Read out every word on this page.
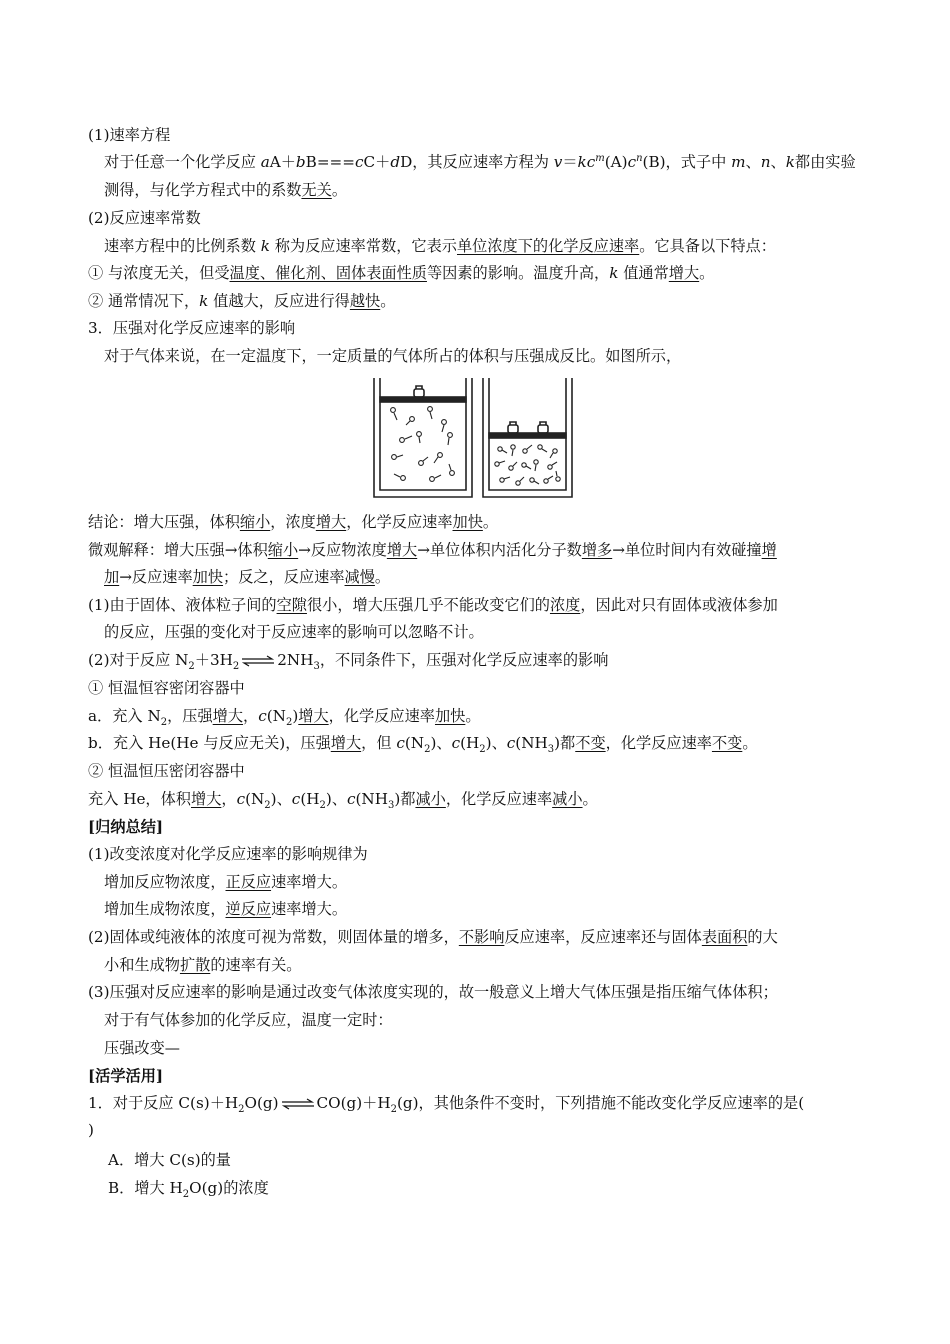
(1)速率方程
对于任意一个化学反应 aA＋bB===cC＋dD，其反应速率方程为 $v=kc^m(A)c^n(B)$，式子中 m、n、k都由实验
测得，与化学方程式中的系数无关。
(2)反应速率常数
速率方程中的比例系数 k 称为反应速率常数，它表示单位浓度下的化学反应速率。它具备以下特点：
① 与浓度无关，但受温度、催化剂、固体表面性质等因素的影响。温度升高，k 值通常增大。
② 通常情况下，k 值越大，反应进行得越快。
3．压强对化学反应速率的影响
对于气体来说，在一定温度下，一定质量的气体所占的体积与压强成反比。如图所示，
结论：增大压强，体积缩小，浓度增大，化学反应速率加快。
微观解释：增大压强→体积缩小→反应物浓度增大→单位体积内活化分子数增多→单位时间内有效碰撞增
加→反应速率加快；反之，反应速率减慢。
(1)由于固体、液体粒子间的空隙很小，增大压强几乎不能改变它们的浓度，因此对只有固体或液体参加
的反应，压强的变化对于反应速率的影响可以忽略不计。
(2)对于反应 $N_2+3H_2$ ⇌ $2NH_3$，不同条件下，压强对化学反应速率的影响
① 恒温恒容密闭容器中
a．充入 $N_2$，压强增大，$c(N_2)$增大，化学反应速率加快。
b．充入 He(He 与反应无关)，压强增大，但 $c(N_2)$、$c(H_2)$、$c(NH_3)$都不变，化学反应速率不变。
② 恒温恒压密闭容器中
充入 He，体积增大，$c(N_2)$、$c(H_2)$、$c(NH_3)$都减小，化学反应速率减小。
[归纳总结]
(1)改变浓度对化学反应速率的影响规律为
增加反应物浓度，正反应速率增大。
增加生成物浓度，逆反应速率增大。
(2)固体或纯液体的浓度可视为常数，则固体量的增多，不影响反应速率，反应速率还与固体表面积的大
小和生成物扩散的速率有关。
(3)压强对反应速率的影响是通过改变气体浓度实现的，故一般意义上增大气体压强是指压缩气体体积；
对于有气体参加的化学反应，温度一定时：
压强改变—
[活学活用]
1．对于反应 $C(s)+H_2O(g)$ ⇌ $CO(g)+H_2(g)$，其他条件不变时，下列措施不能改变化学反应速率的是(
)
A．增大 C(s)的量
B．增大 $H_2O(g)$的浓度
